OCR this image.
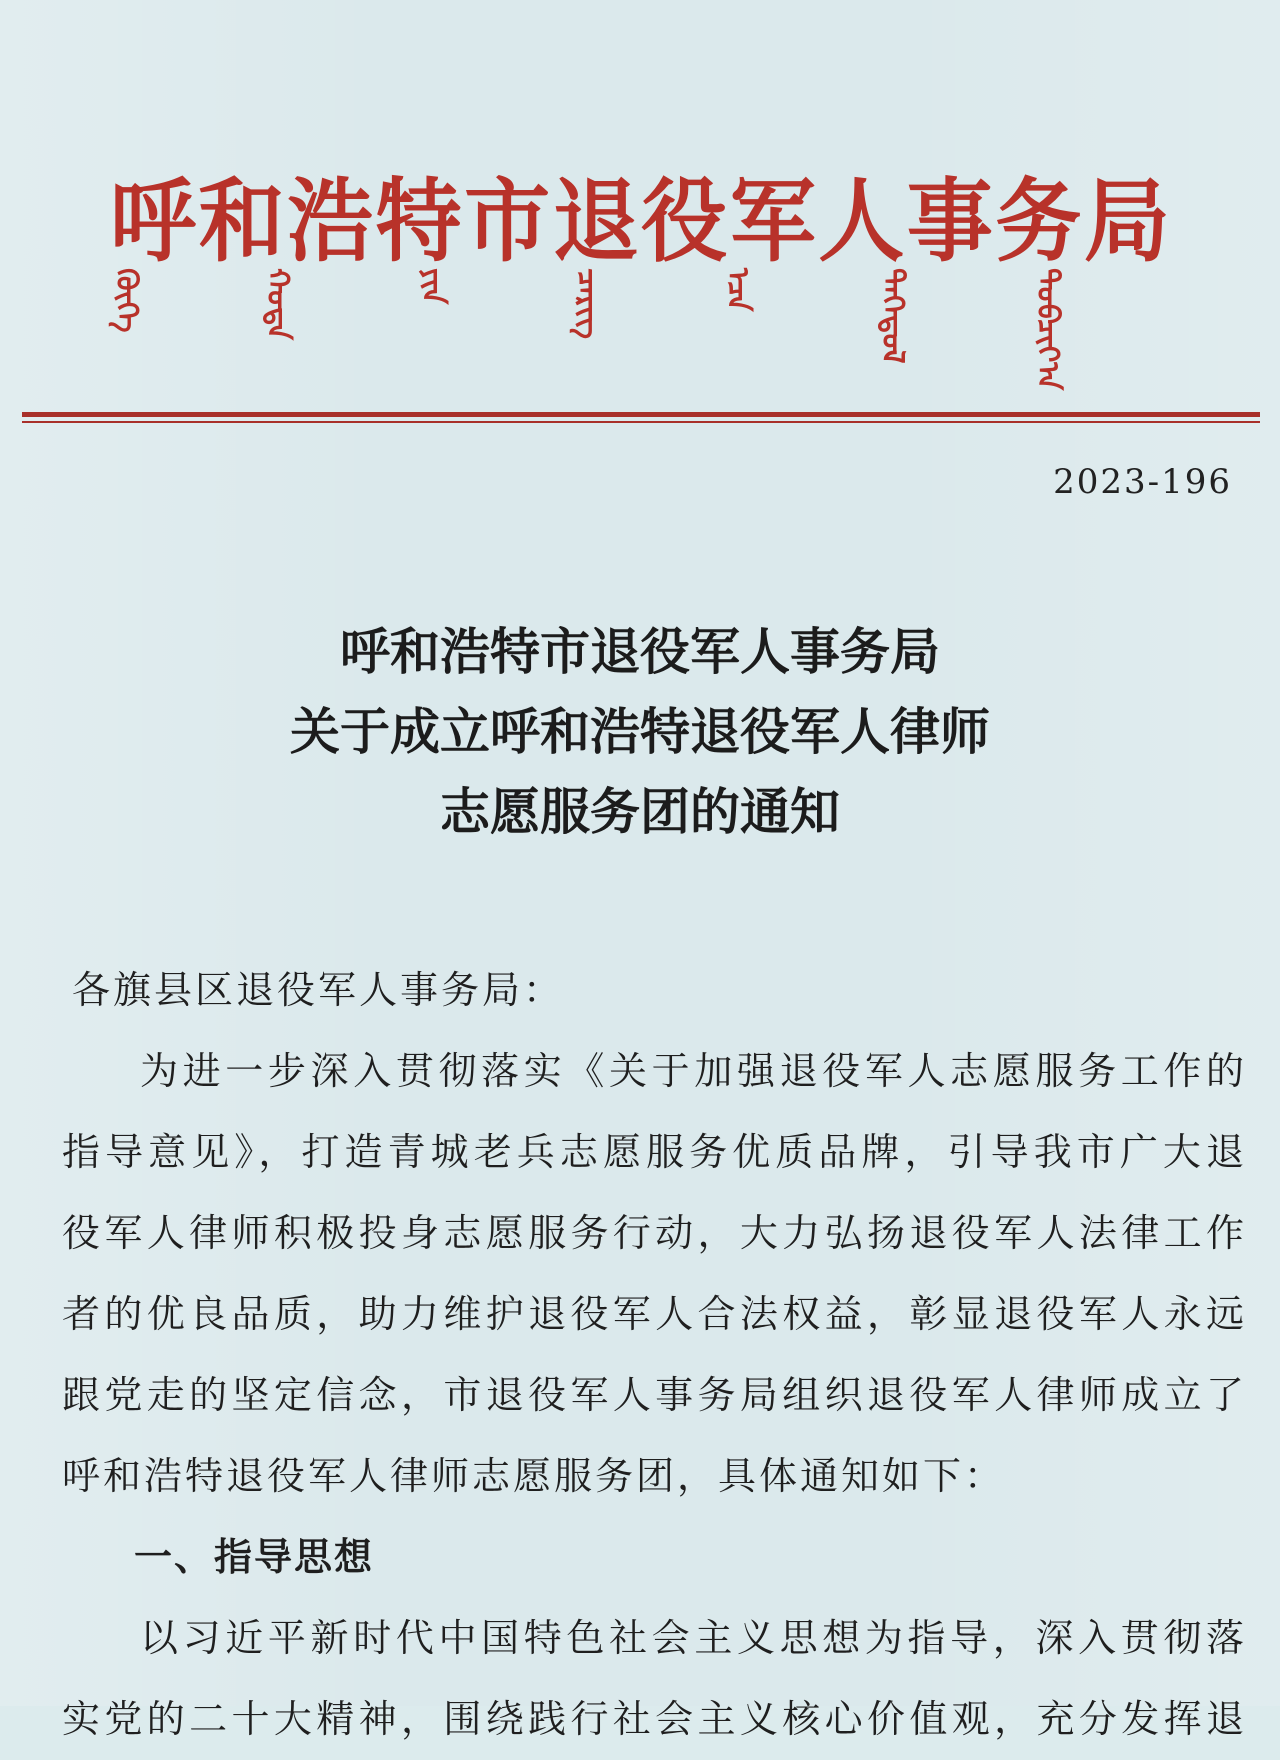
呼 和 浩 特 市 退 役 军 人 事 务 局
ᠬᠥᠬᠡ	ᠬᠣᠲᠠ	ᠶᠢᠨ	ᠴᠡᠷᠢᠭ	ᠡᠴᠡ	ᠲᠡᠭᠡᠳᠦᠯ	ᠲᠣᠪᠴᠢᠶ᠎ᠠ
2023-196
呼和浩特市退役军人事务局
关于成立呼和浩特退役军人律师
志愿服务团的通知
各旗县区退役军人事务局：
为进一步深入贯彻落实《关于加强退役军人志愿服务工作的
指导意见》，打造青城老兵志愿服务优质品牌，引导我市广大退
役军人律师积极投身志愿服务行动，大力弘扬退役军人法律工作
者的优良品质，助力维护退役军人合法权益，彰显退役军人永远
跟党走的坚定信念，市退役军人事务局组织退役军人律师成立了
呼和浩特退役军人律师志愿服务团，具体通知如下：
一、指导思想
以习近平新时代中国特色社会主义思想为指导，深入贯彻落
实党的二十大精神，围绕践行社会主义核心价值观，充分发挥退
